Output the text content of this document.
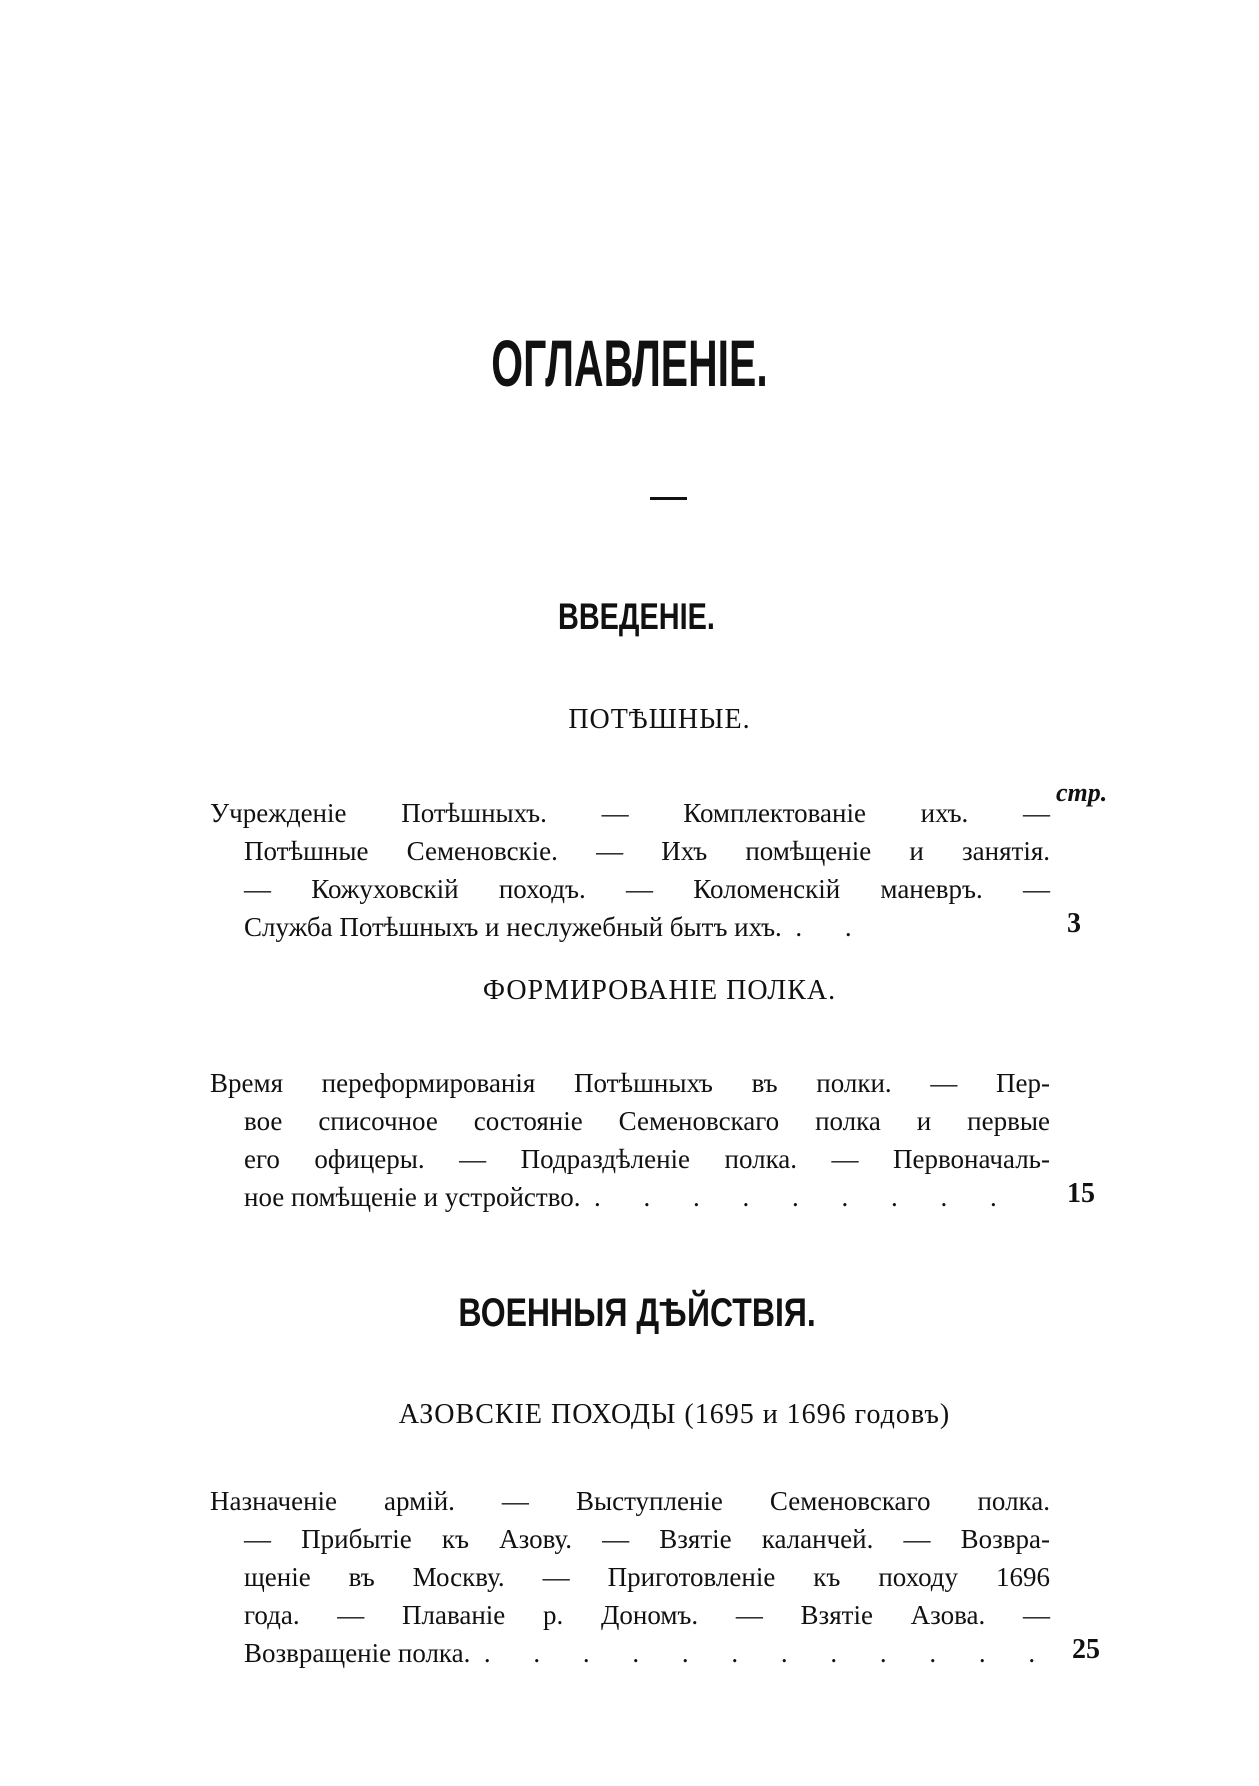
ОГЛАВЛЕНІЕ.
ВВЕДЕНІЕ.
ПОТѢШНЫЕ.
стр.
Учрежденіе Потѣшныхъ. — Комплектованіе ихъ. —
Потѣшные Семеновскіе. — Ихъ помѣщеніе и занятія.
— Кожуховскій походъ. — Коломенскій маневръ. —
Служба Потѣшныхъ и неслужебный бытъ ихъ. . .	3
ФОРМИРОВАНІЕ ПОЛКА.
Время переформированія Потѣшныхъ въ полки. — Пер-
вое списочное состояніе Семеновскаго полка и первые
его офицеры. — Подраздѣленіе полка. — Первоначаль-
ное помѣщеніе и устройство. . . . . . . . . .	15
ВОЕННЫЯ ДѢЙСТВІЯ.
АЗОВСКІЕ ПОХОДЫ (1695 и 1696 годовъ)
Назначеніе армій. — Выступленіе Семеновскаго полка.
— Прибытіе къ Азову. — Взятіе каланчей. — Возвра-
щеніе въ Москву. — Приготовленіе къ походу 1696
года. — Плаваніе р. Дономъ. — Взятіе Азова. —
Возвращеніе полка. . . . . . . . . . . . . 25
